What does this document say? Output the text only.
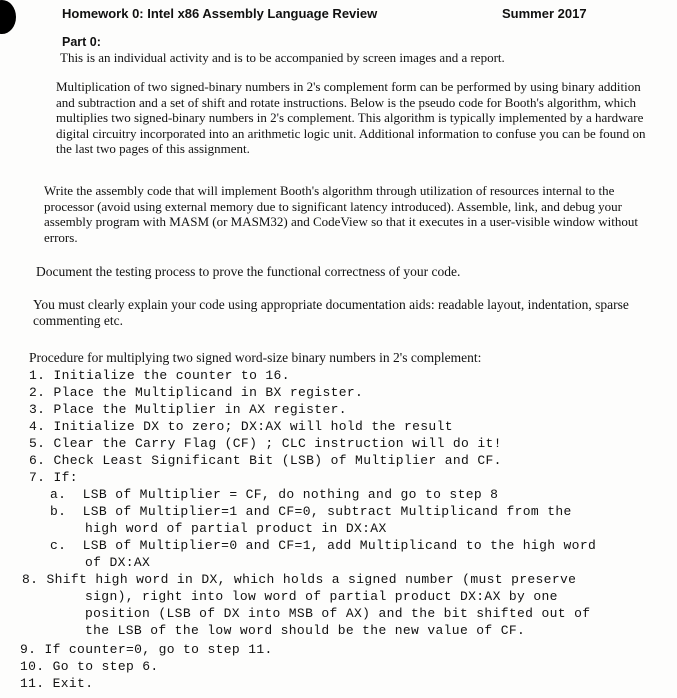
Homework 0: Intel x86 Assembly Language Review	Summer 2017
Part 0:
This is an individual activity and is to be accompanied by screen images and a report.
Multiplication of two signed-binary numbers in 2's complement form can be performed by using binary addition and subtraction and a set of shift and rotate instructions. Below is the pseudo code for Booth's algorithm, which multiplies two signed-binary numbers in 2's complement. This algorithm is typically implemented by a hardware digital circuitry incorporated into an arithmetic logic unit. Additional information to confuse you can be found on the last two pages of this assignment.
Write the assembly code that will implement Booth's algorithm through utilization of resources internal to the processor (avoid using external memory due to significant latency introduced). Assemble, link, and debug your assembly program with MASM (or MASM32) and CodeView so that it executes in a user-visible window without errors.
Document the testing process to prove the functional correctness of your code.
You must clearly explain your code using appropriate documentation aids: readable layout, indentation, sparse commenting etc.
Procedure for multiplying two signed word-size binary numbers in 2's complement:
1. Initialize the counter to 16.
2. Place the Multiplicand in BX register.
3. Place the Multiplier in AX register.
4. Initialize DX to zero; DX:AX will hold the result
5. Clear the Carry Flag (CF) ; CLC instruction will do it!
6. Check Least Significant Bit (LSB) of Multiplier and CF.
7. If:
a.  LSB of Multiplier = CF, do nothing and go to step 8
b.  LSB of Multiplier=1 and CF=0, subtract Multiplicand from the
high word of partial product in DX:AX
c.  LSB of Multiplier=0 and CF=1, add Multiplicand to the high word
of DX:AX
8. Shift high word in DX, which holds a signed number (must preserve
sign), right into low word of partial product DX:AX by one
position (LSB of DX into MSB of AX) and the bit shifted out of
the LSB of the low word should be the new value of CF.
9. If counter=0, go to step 11.
10. Go to step 6.
11. Exit.
